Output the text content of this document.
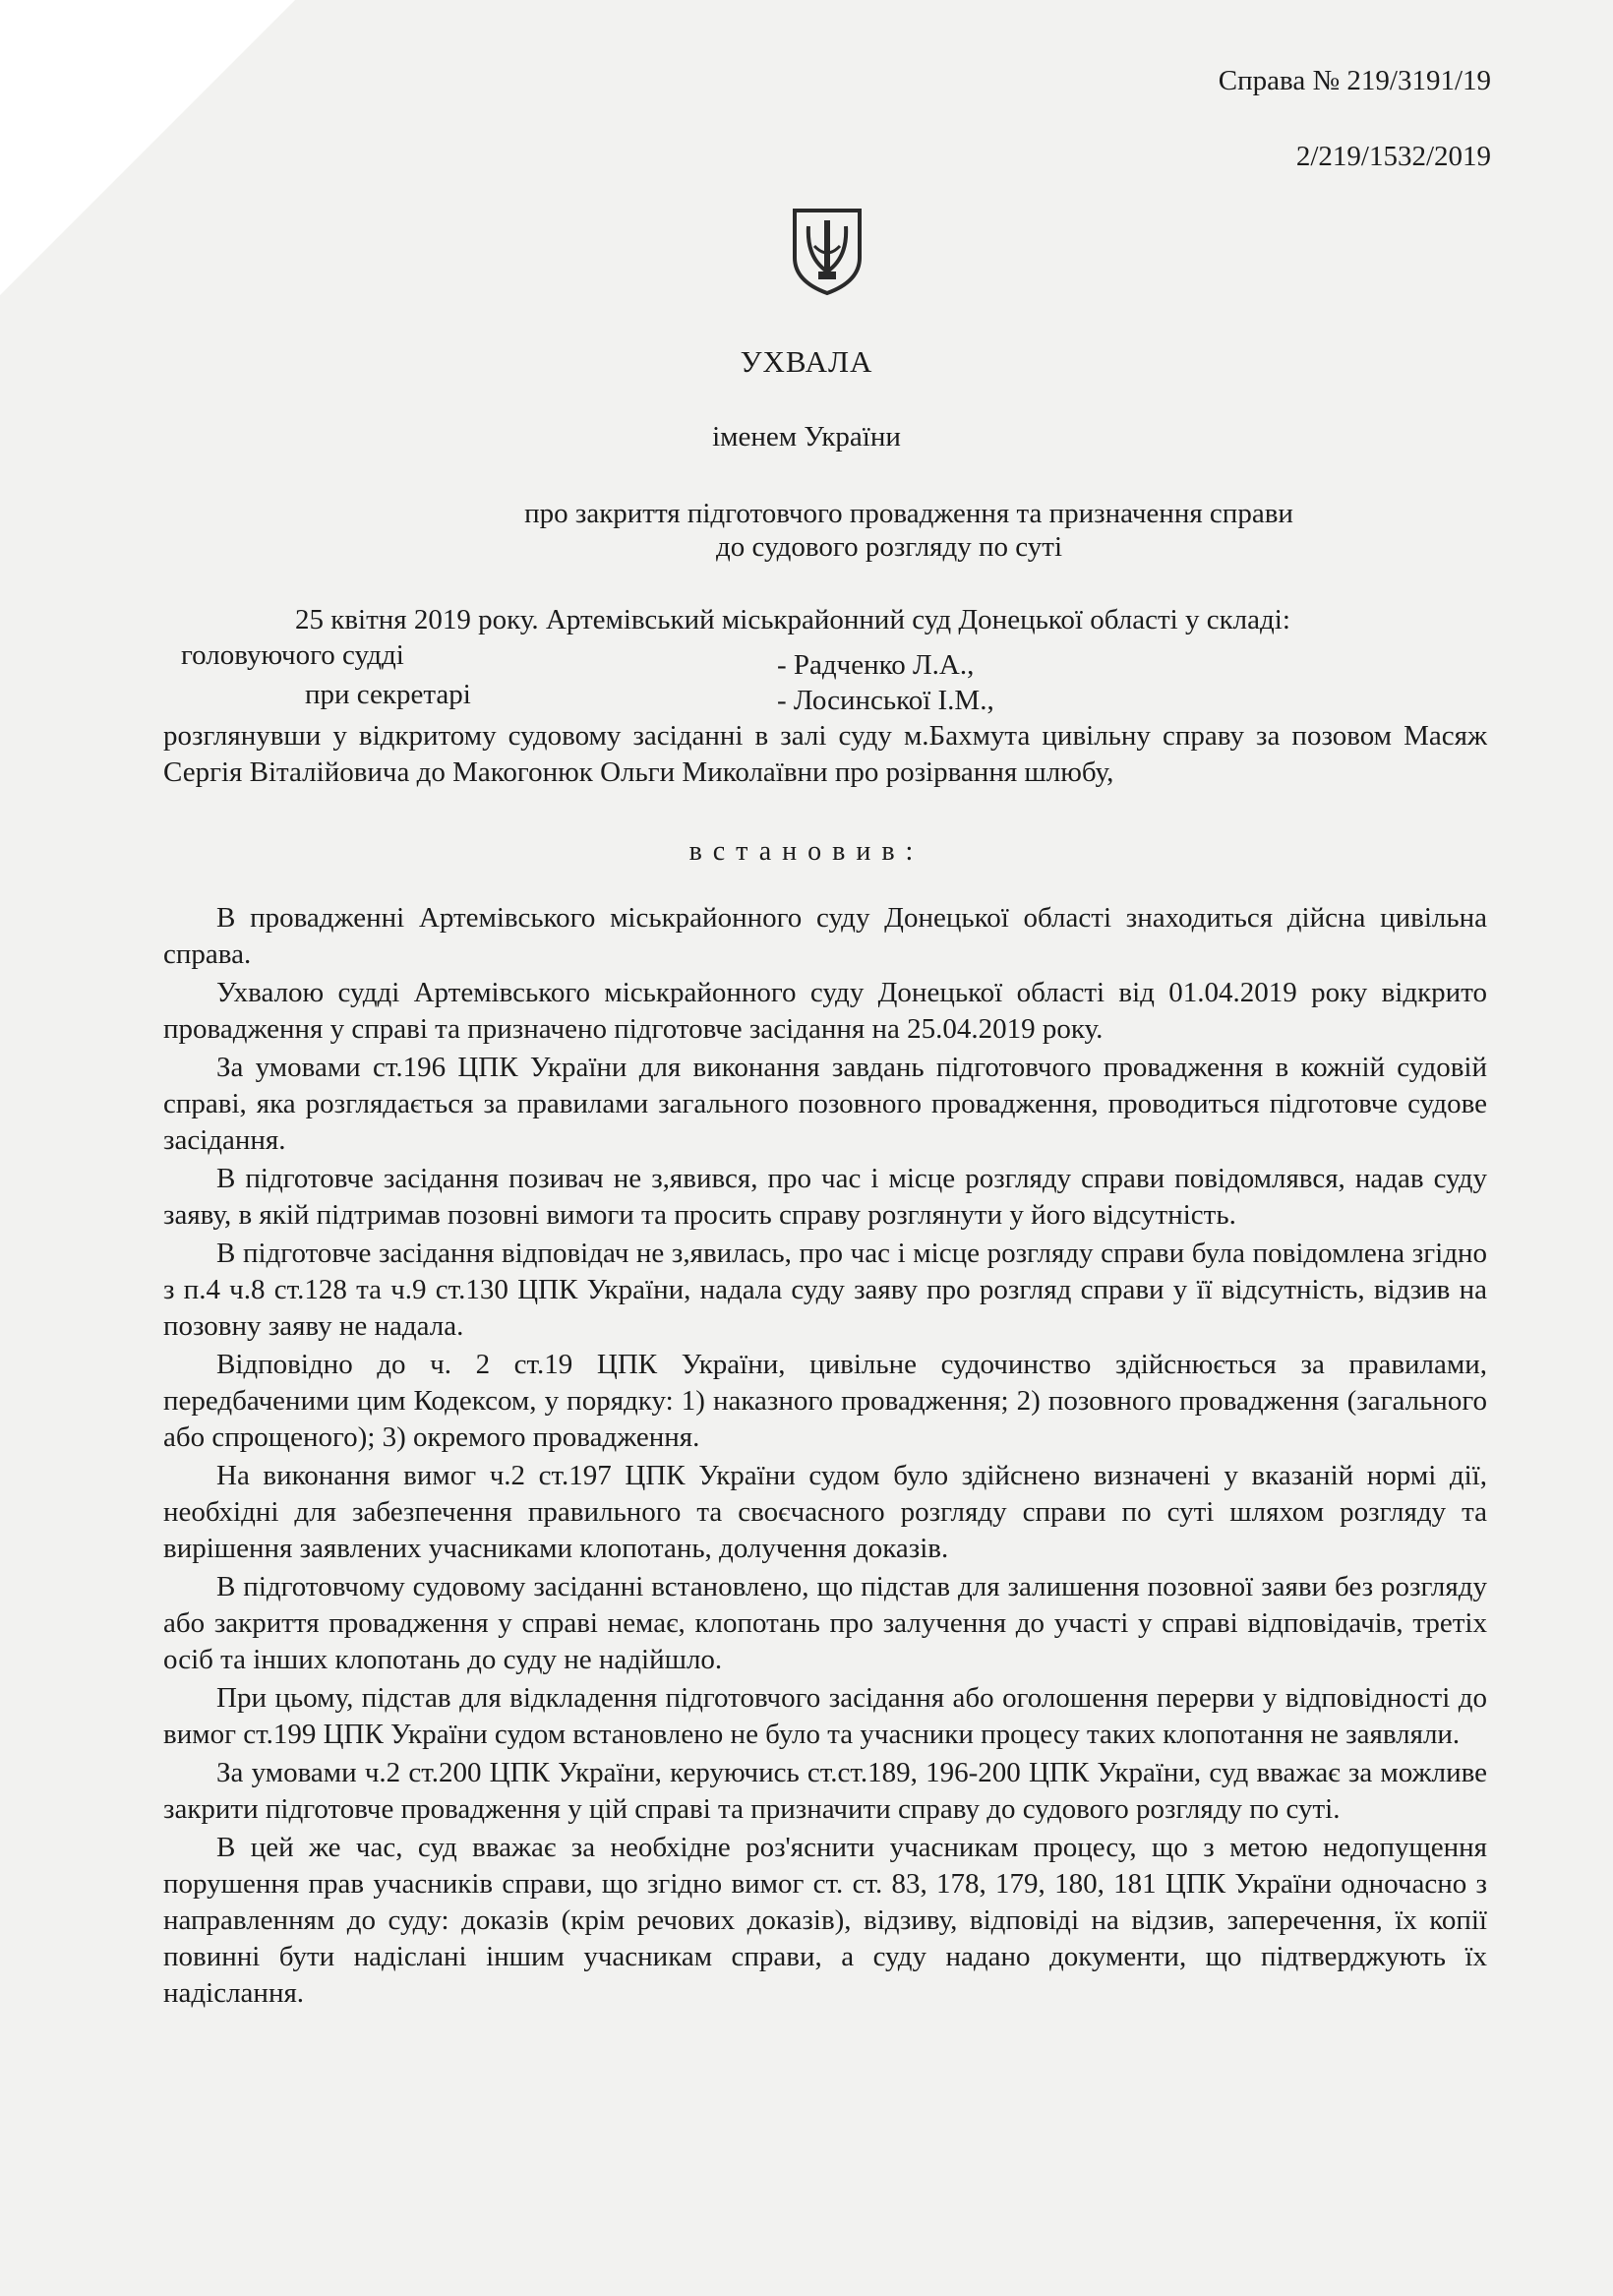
Справа № 219/3191/19
2/219/1532/2019
УХВАЛА
іменем України
про закриття підготовчого провадження та призначення справи
до судового розгляду по суті
25 квітня 2019 року. Артемівський міськрайонний суд Донецької області у складі:
головуючого судді	- Радченко Л.А.,
при секретарі	- Лосинської І.М.,
розглянувши у відкритому судовому засіданні в залі суду м.Бахмута цивільну справу за позовом Масяж Сергія Віталійовича до Макогонюк Ольги Миколаївни про розірвання шлюбу,
встановив:

В провадженні Артемівського міськрайонного суду Донецької області знаходиться дійсна цивільна справа.

Ухвалою судді Артемівського міськрайонного суду Донецької області від 01.04.2019 року відкрито провадження у справі та призначено підготовче засідання на 25.04.2019 року.

За умовами ст.196 ЦПК України для виконання завдань підготовчого провадження в кожній судовій справі, яка розглядається за правилами загального позовного провадження, проводиться підготовче судове засідання.

В підготовче засідання позивач не з,явився, про час і місце розгляду справи повідомлявся, надав суду заяву, в якій підтримав позовні вимоги та просить справу розглянути у його відсутність.

В підготовче засідання відповідач не з,явилась, про час і місце розгляду справи була повідомлена згідно з п.4 ч.8 ст.128 та ч.9 ст.130 ЦПК України, надала суду заяву про розгляд справи у її відсутність, відзив на позовну заяву не надала.

Відповідно до ч. 2 ст.19 ЦПК України, цивільне судочинство здійснюється за правилами, передбаченими цим Кодексом, у порядку: 1) наказного провадження; 2) позовного провадження (загального або спрощеного); 3) окремого провадження.

На виконання вимог ч.2 ст.197 ЦПК України судом було здійснено визначені у вказаній нормі дії, необхідні для забезпечення правильного та своєчасного розгляду справи по суті шляхом розгляду та вирішення заявлених учасниками клопотань, долучення доказів.

В підготовчому судовому засіданні встановлено, що підстав для залишення позовної заяви без розгляду або закриття провадження у справі немає, клопотань про залучення до участі у справі відповідачів, третіх осіб та інших клопотань до суду не надійшло.

При цьому, підстав для відкладення підготовчого засідання або оголошення перерви у відповідності до вимог ст.199 ЦПК України судом встановлено не було та учасники процесу таких клопотання не заявляли.

За умовами ч.2 ст.200 ЦПК України, керуючись ст.ст.189, 196-200 ЦПК України, суд вважає за можливе закрити підготовче провадження у цій справі та призначити справу до судового розгляду по суті.

В цей же час, суд вважає за необхідне роз'яснити учасникам процесу, що з метою недопущення порушення прав учасників справи, що згідно вимог ст. ст. 83, 178, 179, 180, 181 ЦПК України одночасно з направленням до суду: доказів (крім речових доказів), відзиву, відповіді на відзив, заперечення, їх копії повинні бути надіслані іншим учасникам справи, а суду надано документи, що підтверджують їх надіслання.
